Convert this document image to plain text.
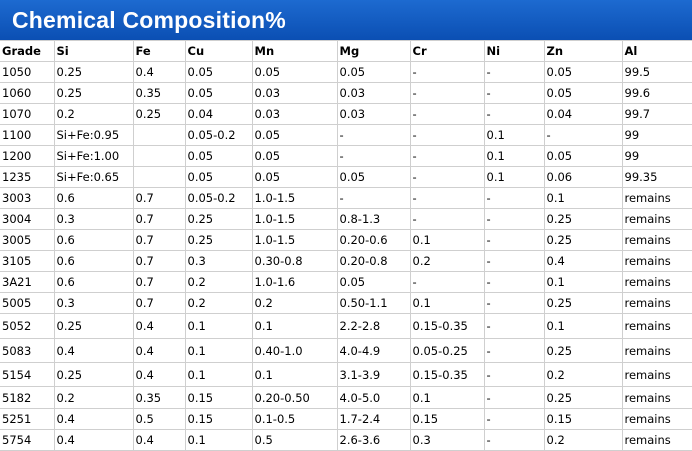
Chemical Composition%
Grade	Si	Fe	Cu	Mn	Mg	Cr	Ni	Zn	Al
1050	0.25	0.4	0.05	0.05	0.05	-	-	0.05	99.5
1060	0.25	0.35	0.05	0.03	0.03	-	-	0.05	99.6
1070	0.2	0.25	0.04	0.03	0.03	-	-	0.04	99.7
1100	Si+Fe:0.95		0.05-0.2	0.05	-	-	0.1	-	99
1200	Si+Fe:1.00		0.05	0.05	-	-	0.1	0.05	99
1235	Si+Fe:0.65		0.05	0.05	0.05	-	0.1	0.06	99.35
3003	0.6	0.7	0.05-0.2	1.0-1.5	-	-	-	0.1	remains
3004	0.3	0.7	0.25	1.0-1.5	0.8-1.3	-	-	0.25	remains
3005	0.6	0.7	0.25	1.0-1.5	0.20-0.6	0.1	-	0.25	remains
3105	0.6	0.7	0.3	0.30-0.8	0.20-0.8	0.2	-	0.4	remains
3A21	0.6	0.7	0.2	1.0-1.6	0.05	-	-	0.1	remains
5005	0.3	0.7	0.2	0.2	0.50-1.1	0.1	-	0.25	remains
5052	0.25	0.4	0.1	0.1	2.2-2.8	0.15-0.35	-	0.1	remains
5083	0.4	0.4	0.1	0.40-1.0	4.0-4.9	0.05-0.25	-	0.25	remains
5154	0.25	0.4	0.1	0.1	3.1-3.9	0.15-0.35	-	0.2	remains
5182	0.2	0.35	0.15	0.20-0.50	4.0-5.0	0.1	-	0.25	remains
5251	0.4	0.5	0.15	0.1-0.5	1.7-2.4	0.15	-	0.15	remains
5754	0.4	0.4	0.1	0.5	2.6-3.6	0.3	-	0.2	remains
